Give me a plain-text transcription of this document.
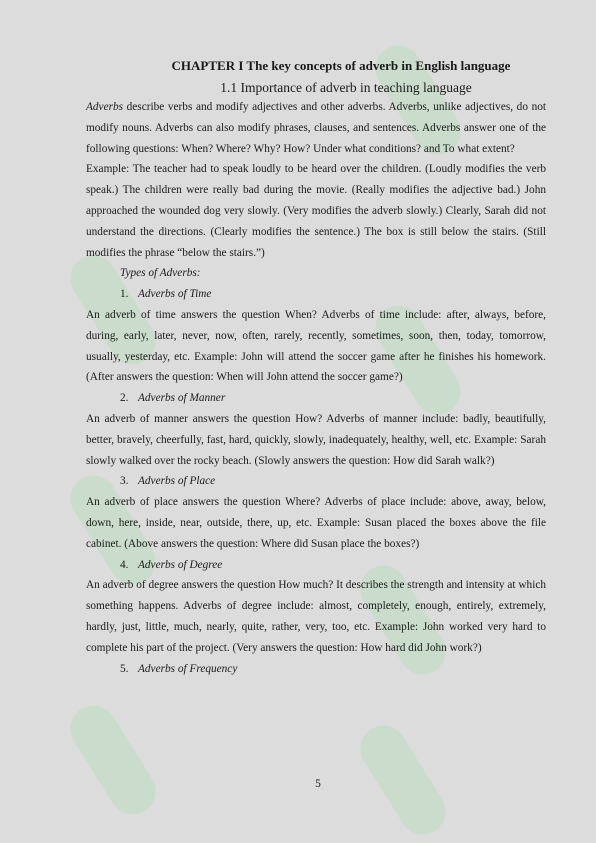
CHAPTER I The key concepts of adverb in English language
1.1 Importance of adverb in teaching language

Adverbs describe verbs and modify adjectives and other adverbs. Adverbs, unlike adjectives, do not modify nouns. Adverbs can also modify phrases, clauses, and sentences. Adverbs answer one of the following questions: When? Where? Why? How? Under what conditions? and To what extent?

Example: The teacher had to speak loudly to be heard over the children. (Loudly modifies the verb speak.) The children were really bad during the movie. (Really modifies the adjective bad.) John approached the wounded dog very slowly. (Very modifies the adverb slowly.) Clearly, Sarah did not understand the directions. (Clearly modifies the sentence.) The box is still below the stairs. (Still modifies the phrase “below the stairs.”)

Types of Adverbs:
1. Adverbs of Time

An adverb of time answers the question When? Adverbs of time include: after, always, before, during, early, later, never, now, often, rarely, recently, sometimes, soon, then, today, tomorrow, usually, yesterday, etc. Example: John will attend the soccer game after he finishes his homework. (After answers the question: When will John attend the soccer game?)

2. Adverbs of Manner

An adverb of manner answers the question How? Adverbs of manner include: badly, beautifully, better, bravely, cheerfully, fast, hard, quickly, slowly, inadequately, healthy, well, etc. Example: Sarah slowly walked over the rocky beach. (Slowly answers the question: How did Sarah walk?)

3. Adverbs of Place

An adverb of place answers the question Where? Adverbs of place include: above, away, below, down, here, inside, near, outside, there, up, etc. Example: Susan placed the boxes above the file cabinet. (Above answers the question: Where did Susan place the boxes?)

4. Adverbs of Degree

An adverb of degree answers the question How much? It describes the strength and intensity at which something happens. Adverbs of degree include: almost, completely, enough, entirely, extremely, hardly, just, little, much, nearly, quite, rather, very, too, etc. Example: John worked very hard to complete his part of the project. (Very answers the question: How hard did John work?)

5. Adverbs of Frequency
5
